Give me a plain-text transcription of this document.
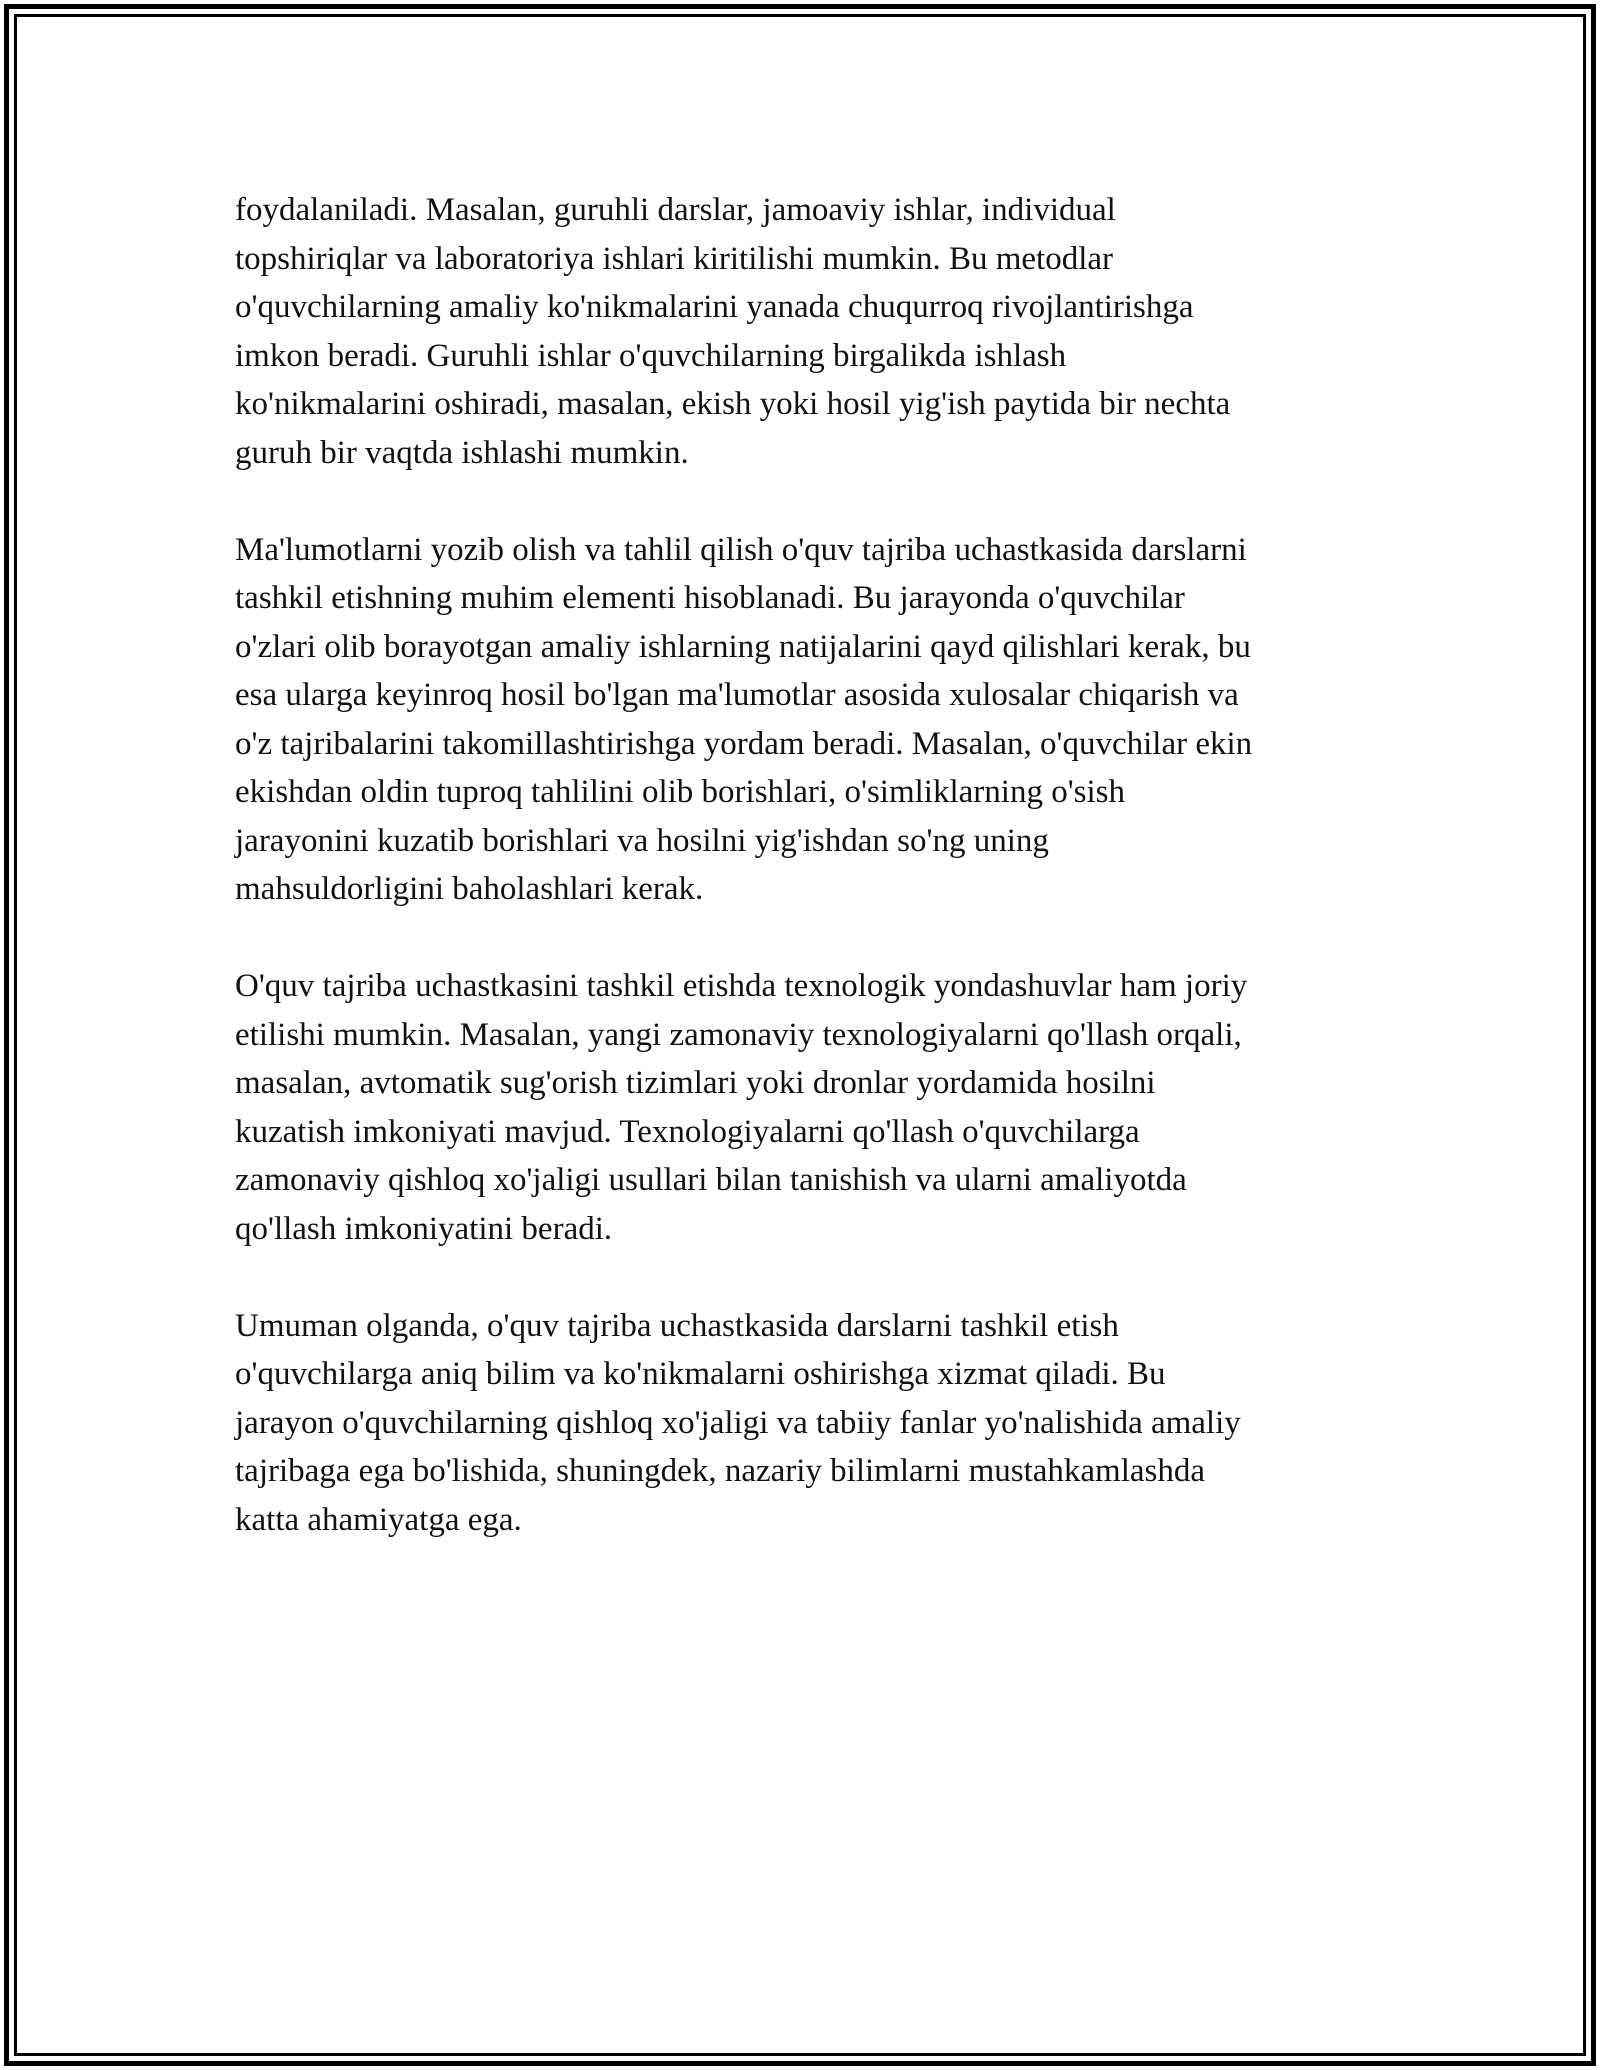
foydalaniladi. Masalan, guruhli darslar, jamoaviy ishlar, individual
topshiriqlar va laboratoriya ishlari kiritilishi mumkin. Bu metodlar
o'quvchilarning amaliy ko'nikmalarini yanada chuqurroq rivojlantirishga
imkon beradi. Guruhli ishlar o'quvchilarning birgalikda ishlash
ko'nikmalarini oshiradi, masalan, ekish yoki hosil yig'ish paytida bir nechta
guruh bir vaqtda ishlashi mumkin.

Ma'lumotlarni yozib olish va tahlil qilish o'quv tajriba uchastkasida darslarni
tashkil etishning muhim elementi hisoblanadi. Bu jarayonda o'quvchilar
o'zlari olib borayotgan amaliy ishlarning natijalarini qayd qilishlari kerak, bu
esa ularga keyinroq hosil bo'lgan ma'lumotlar asosida xulosalar chiqarish va
o'z tajribalarini takomillashtirishga yordam beradi. Masalan, o'quvchilar ekin
ekishdan oldin tuproq tahlilini olib borishlari, o'simliklarning o'sish
jarayonini kuzatib borishlari va hosilni yig'ishdan so'ng uning
mahsuldorligini baholashlari kerak.

O'quv tajriba uchastkasini tashkil etishda texnologik yondashuvlar ham joriy
etilishi mumkin. Masalan, yangi zamonaviy texnologiyalarni qo'llash orqali,
masalan, avtomatik sug'orish tizimlari yoki dronlar yordamida hosilni
kuzatish imkoniyati mavjud. Texnologiyalarni qo'llash o'quvchilarga
zamonaviy qishloq xo'jaligi usullari bilan tanishish va ularni amaliyotda
qo'llash imkoniyatini beradi.

Umuman olganda, o'quv tajriba uchastkasida darslarni tashkil etish
o'quvchilarga aniq bilim va ko'nikmalarni oshirishga xizmat qiladi. Bu
jarayon o'quvchilarning qishloq xo'jaligi va tabiiy fanlar yo'nalishida amaliy
tajribaga ega bo'lishida, shuningdek, nazariy bilimlarni mustahkamlashda
katta ahamiyatga ega.
